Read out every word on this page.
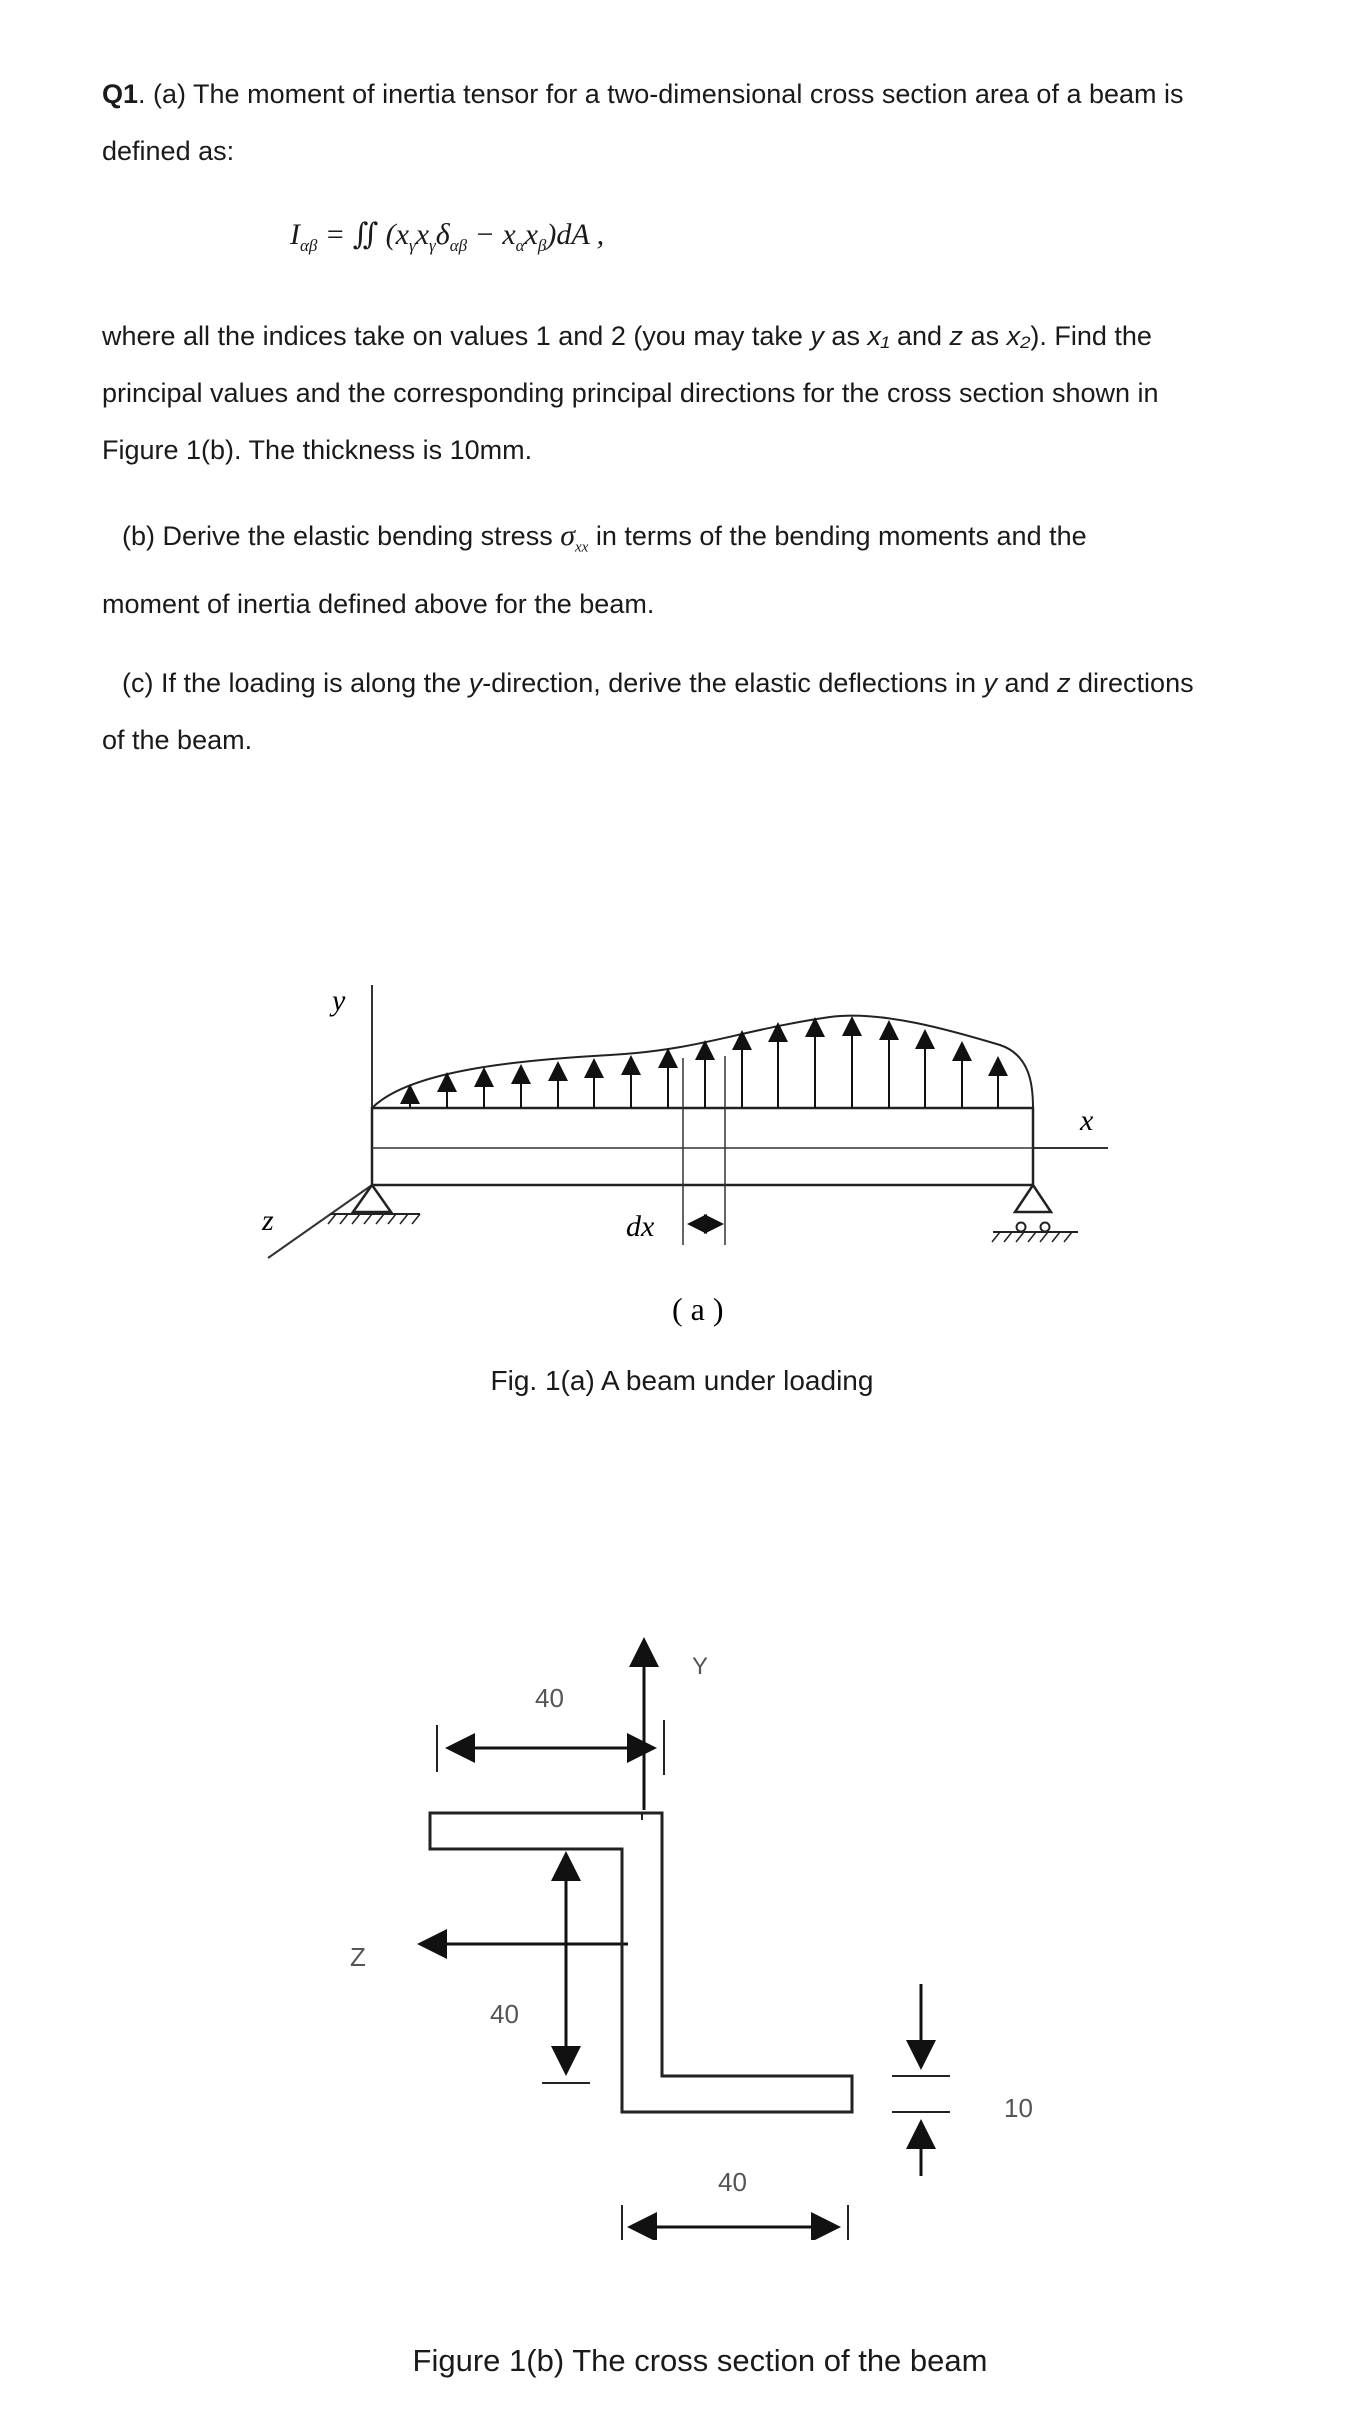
Q1. (a) The moment of inertia tensor for a two-dimensional cross section area of a beam is
defined as:
$I_{\alpha\beta}$ = ∬ $(x_\gamma x_\gamma\delta_{\alpha\beta} - x_\alpha x_\beta)dA$ ,
where all the indices take on values 1 and 2 (you may take y as x₁ and z as x₂). Find the
principal values and the corresponding principal directions for the cross section shown in
Figure 1(b). The thickness is 10mm.
(b) Derive the elastic bending stress $\sigma_{xx}$ in terms of the bending moments and the
moment of inertia defined above for the beam.
(c) If the loading is along the y-direction, derive the elastic deflections in y and z directions
of the beam.
y
x
z	dx
( a )
Fig. 1(a) A beam under loading
Y
Z
40
40
40
10
Figure 1(b) The cross section of the beam
